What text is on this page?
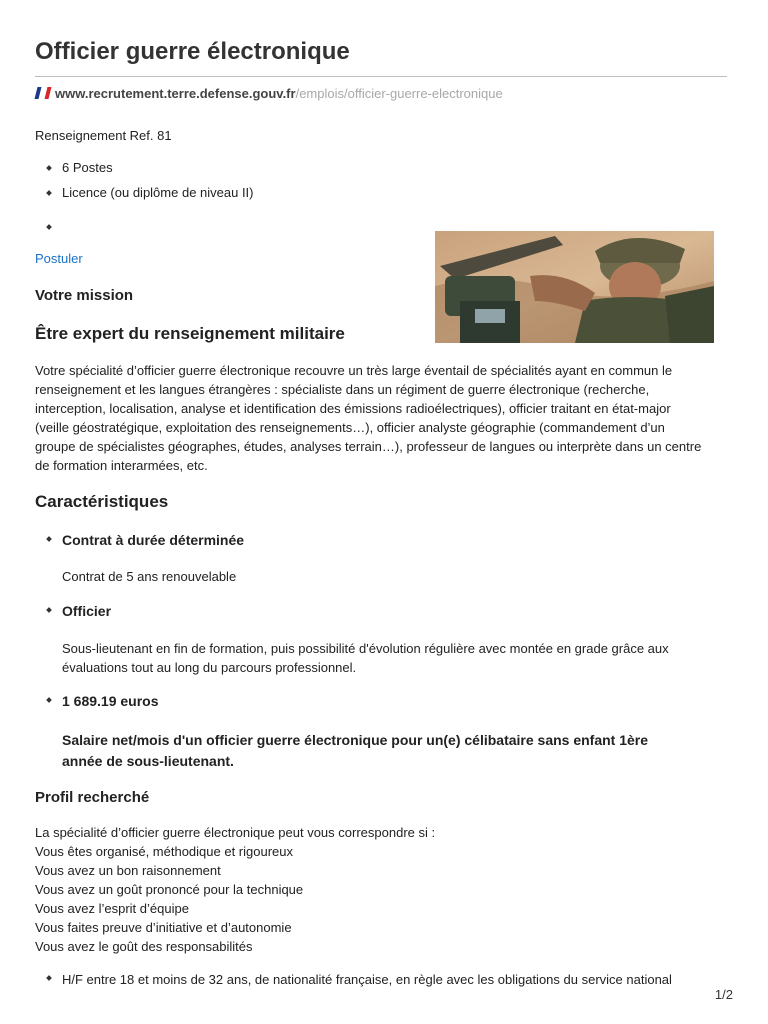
Officier guerre électronique
www.recrutement.terre.defense.gouv.fr/emplois/officier-guerre-electronique
Renseignement Ref. 81
6 Postes
Licence (ou diplôme de niveau II)
Postuler
Votre mission
Être expert du renseignement militaire
Votre spécialité d’officier guerre électronique recouvre un très large éventail de spécialités ayant en commun le
renseignement et les langues étrangères : spécialiste dans un régiment de guerre électronique (recherche,
interception, localisation, analyse et identification des émissions radioélectriques), officier traitant en état-major
(veille géostratégique, exploitation des renseignements…), officier analyste géographie (commandement d’un
groupe de spécialistes géographes, études, analyses terrain…), professeur de langues ou interprète dans un centre
de formation interarmées, etc.
Caractéristiques
Contrat à durée déterminée
Contrat de 5 ans renouvelable
Officier
Sous-lieutenant en fin de formation, puis possibilité d'évolution régulière avec montée en grade grâce aux
évaluations tout au long du parcours professionnel.
1 689.19 euros
Salaire net/mois d'un officier guerre électronique pour un(e) célibataire sans enfant 1ère
année de sous-lieutenant.
Profil recherché
La spécialité d’officier guerre électronique peut vous correspondre si :
Vous êtes organisé, méthodique et rigoureux
Vous avez un bon raisonnement
Vous avez un goût prononcé pour la technique
Vous avez l’esprit d’équipe
Vous faites preuve d’initiative et d’autonomie
Vous avez le goût des responsabilités
H/F entre 18 et moins de 32 ans, de nationalité française, en règle avec les obligations du service national
1/2
